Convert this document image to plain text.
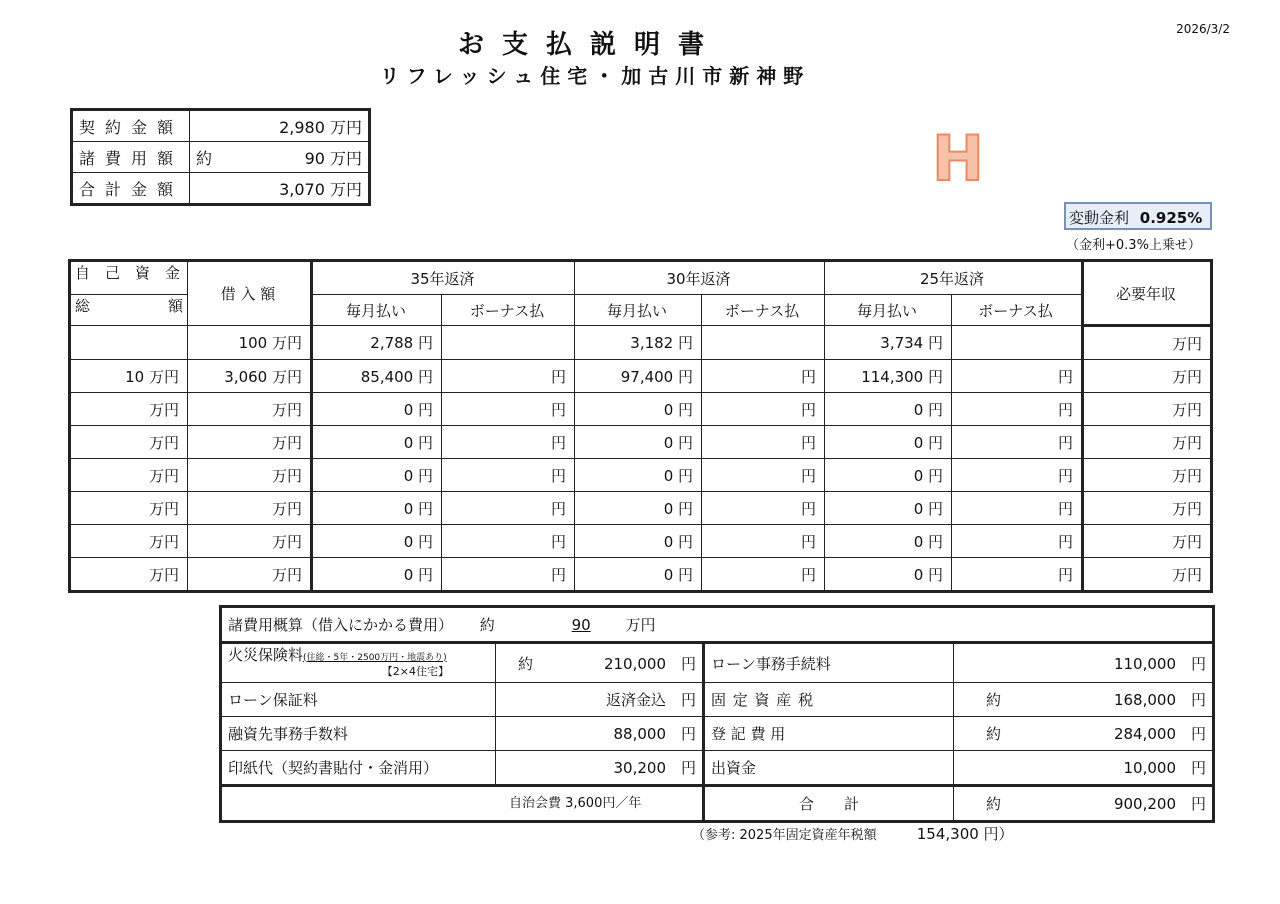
お支払説明書
リフレッシュ住宅・加古川市新神野
2026/3/2
契約金額	2,980 万円	
諸費用額	約	90 万円
合計金額	3,070 万円		H
変動金利 0.925%
（金利+0.3%上乗せ）
自 己 資 金	借 入 額	35年返済		30年返済		25年返済		必要年収
総 額		毎月払い	ボーナス払	毎月払い	ボーナス払	毎月払い	ボーナス払	
	100 万円	2,788 円		3,182 円		3,734 円		万円
10 万円	3,060 万円	85,400 円	円	97,400 円	円	114,300 円	円	万円
万円	万円	0 円	円	0 円	円	0 円	円	万円
万円	万円	0 円	円	0 円	円	0 円	円	万円
万円	万円	0 円	円	0 円	円	0 円	円	万円
万円	万円	0 円	円	0 円	円	0 円	円	万円
万円	万円	0 円	円	0 円	円	0 円	円	万円
万円	万円	0 円	円	0 円	円	0 円	円	万円
諸費用概算（借入にかかる費用） 約 90 万円			
火災保険料(住総・5年・2500万円・地震あり)
【2×4住宅】	約 210,000　円	ローン事務手続料	110,000　円
ローン保証料	返済金込　円	固 定 資 産 税	約 168,000　円
融資先事務手数料	88,000　円	登 記 費 用	約 284,000　円
印紙代（契約書貼付・金消用）	30,200　円	出資金	10,000　円
		合　　計	約 900,200　円
自治会費 3,600円／年
（参考: 2025年固定資産年税額	154,300 円）
